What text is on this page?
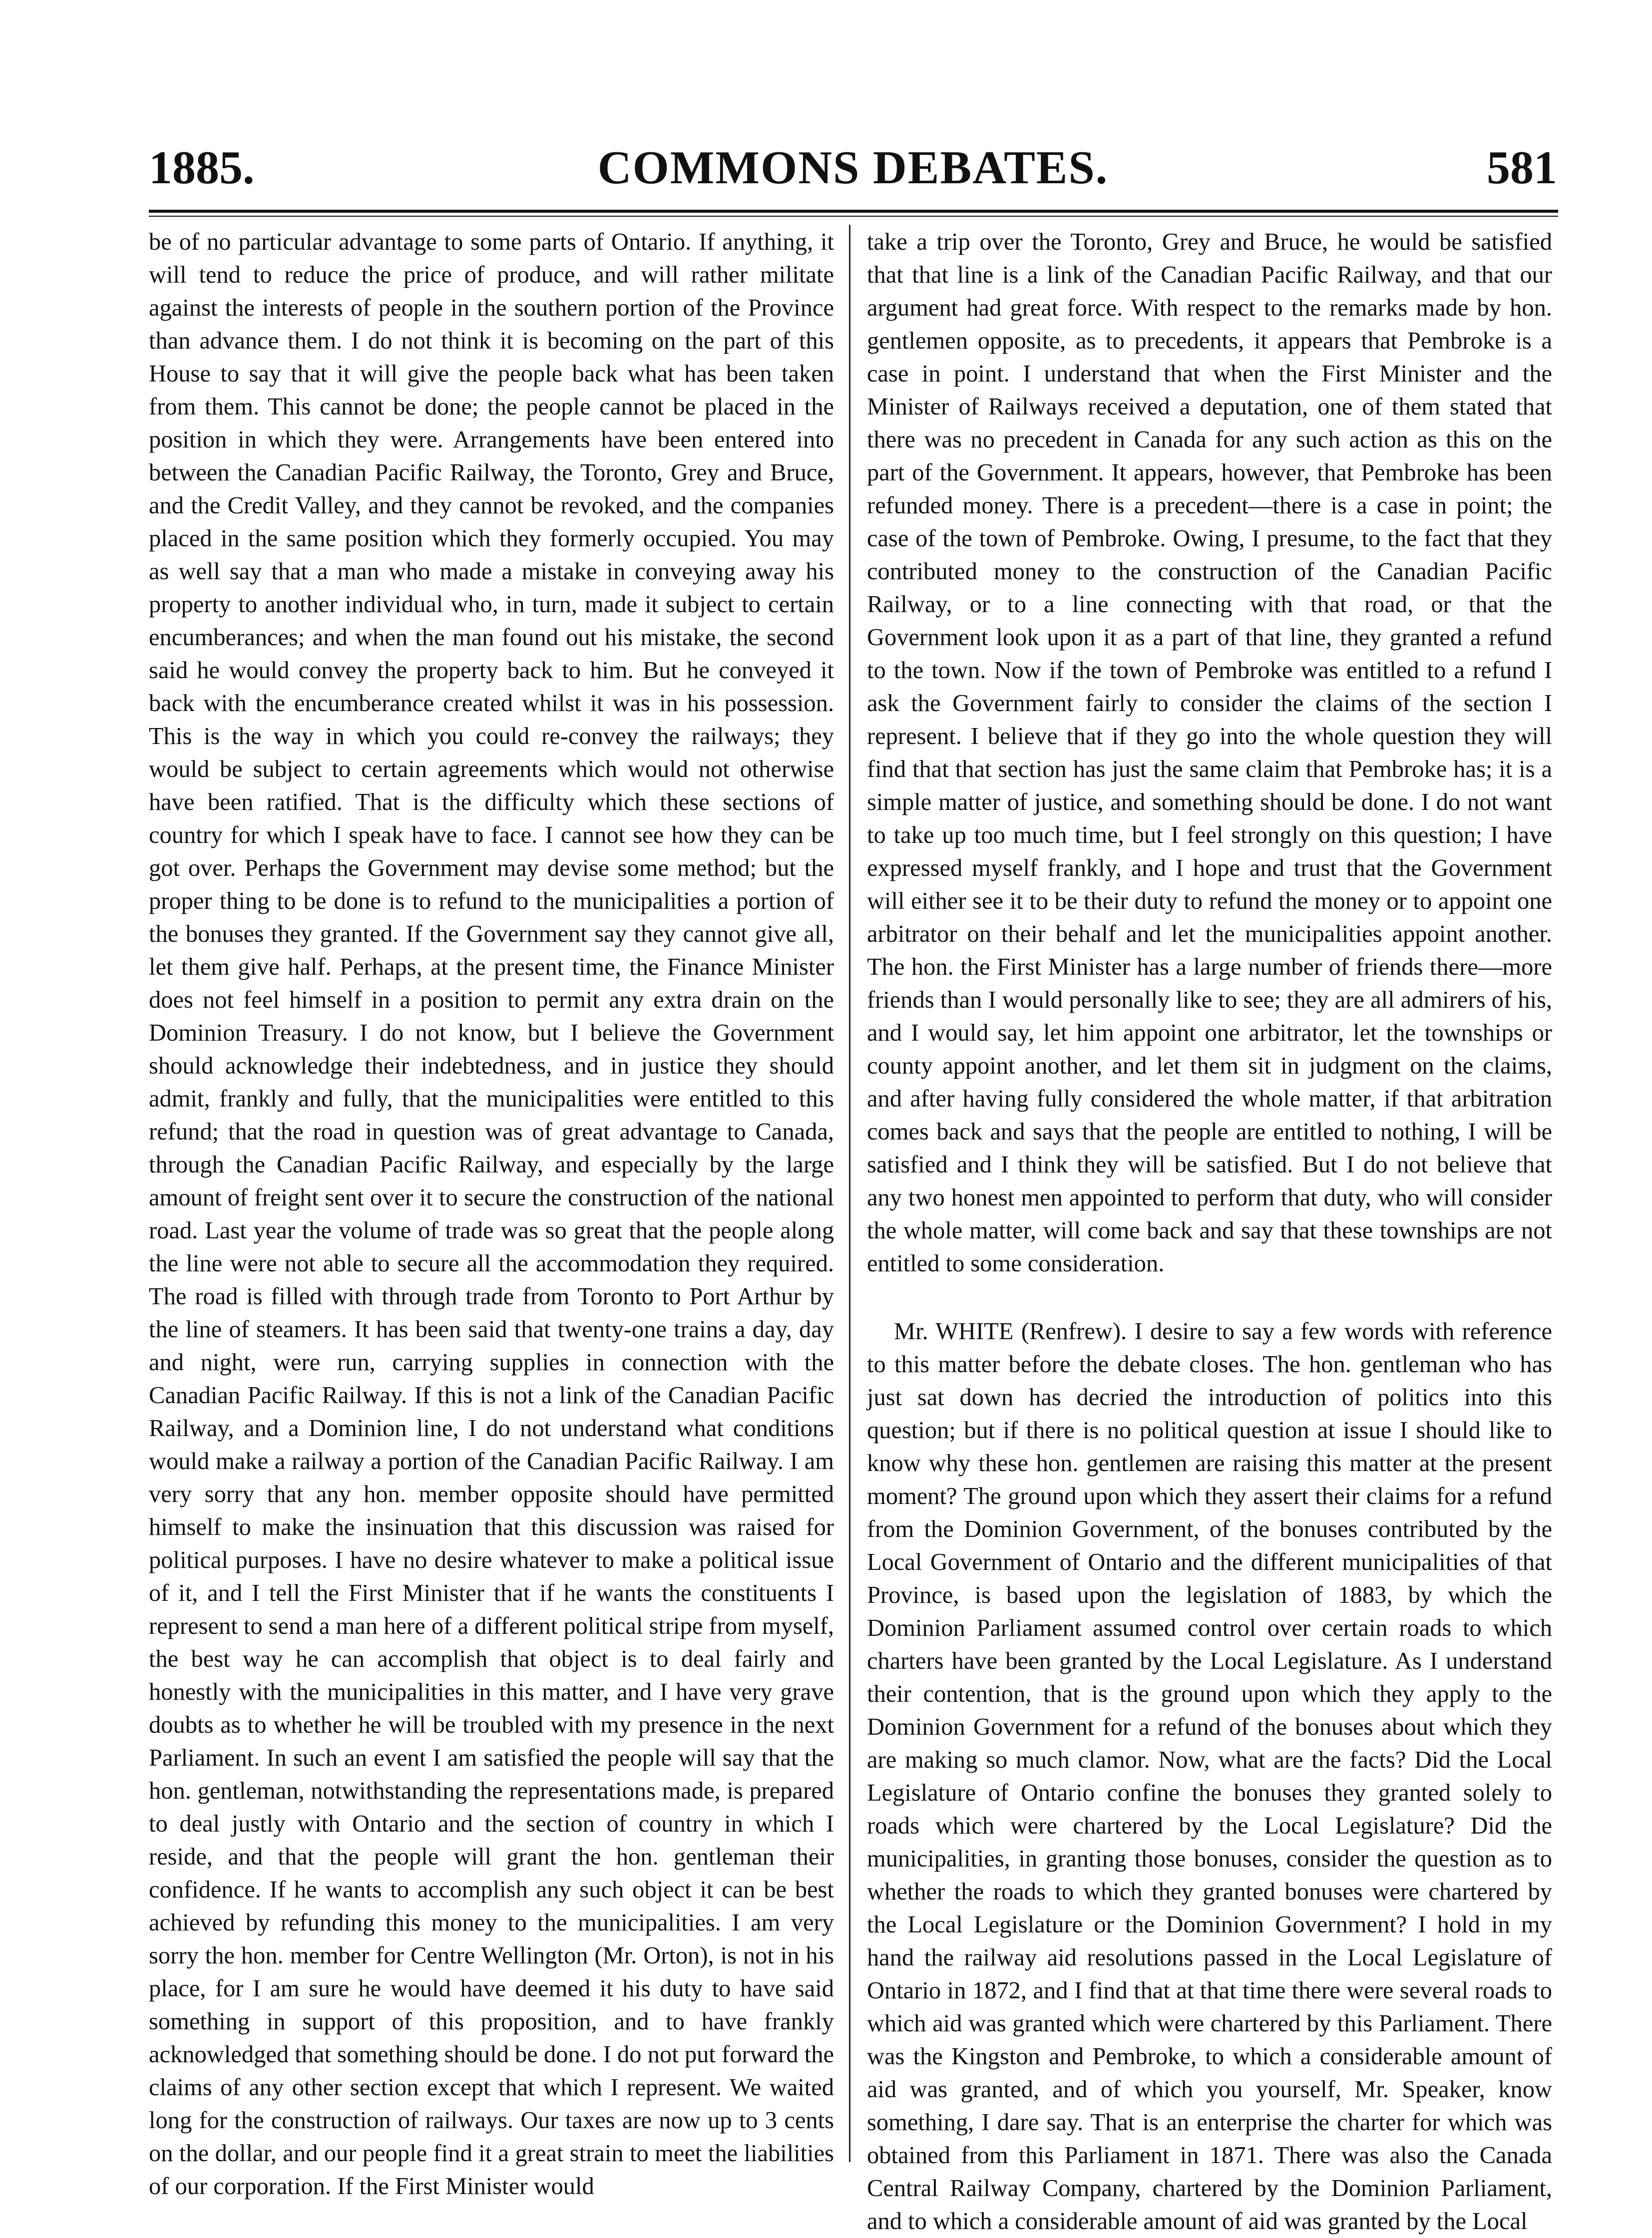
1885.	COMMONS DEBATES.	581

be of no particular advantage to some parts of Ontario. If anything, it will tend to reduce the price of produce, and will rather militate against the interests of people in the southern portion of the Province than advance them. I do not think it is becoming on the part of this House to say that it will give the people back what has been taken from them. This cannot be done; the people cannot be placed in the position in which they were. Arrangements have been entered into between the Canadian Pacific Railway, the Toronto, Grey and Bruce, and the Credit Valley, and they cannot be revoked, and the companies placed in the same position which they formerly occupied. You may as well say that a man who made a mistake in conveying away his property to another individual who, in turn, made it subject to certain encumberances; and when the man found out his mistake, the second said he would convey the property back to him. But he conveyed it back with the encumberance created whilst it was in his possession. This is the way in which you could re-convey the railways; they would be subject to certain agreements which would not otherwise have been ratified. That is the difficulty which these sections of country for which I speak have to face. I cannot see how they can be got over. Perhaps the Government may devise some method; but the proper thing to be done is to refund to the municipalities a portion of the bonuses they granted. If the Government say they cannot give all, let them give half. Perhaps, at the present time, the Finance Minister does not feel himself in a position to permit any extra drain on the Dominion Treasury. I do not know, but I believe the Government should acknowledge their indebtedness, and in justice they should admit, frankly and fully, that the municipalities were entitled to this refund; that the road in question was of great advantage to Canada, through the Canadian Pacific Railway, and especially by the large amount of freight sent over it to secure the construction of the national road. Last year the volume of trade was so great that the people along the line were not able to secure all the accommodation they required. The road is filled with through trade from Toronto to Port Arthur by the line of steamers. It has been said that twenty-one trains a day, day and night, were run, carrying supplies in connection with the Canadian Pacific Railway. If this is not a link of the Canadian Pacific Railway, and a Dominion line, I do not understand what conditions would make a railway a portion of the Canadian Pacific Railway. I am very sorry that any hon. member opposite should have permitted himself to make the insinuation that this discussion was raised for political purposes. I have no desire whatever to make a political issue of it, and I tell the First Minister that if he wants the constituents I represent to send a man here of a different political stripe from myself, the best way he can accomplish that object is to deal fairly and honestly with the municipalities in this matter, and I have very grave doubts as to whether he will be troubled with my presence in the next Parliament. In such an event I am satisfied the people will say that the hon. gentleman, notwithstanding the representations made, is prepared to deal justly with Ontario and the section of country in which I reside, and that the people will grant the hon. gentleman their confidence. If he wants to accomplish any such object it can be best achieved by refunding this money to the municipalities. I am very sorry the hon. member for Centre Wellington (Mr. Orton), is not in his place, for I am sure he would have deemed it his duty to have said something in support of this proposition, and to have frankly acknowledged that something should be done. I do not put forward the claims of any other section except that which I represent. We waited long for the construction of railways. Our taxes are now up to 3 cents on the dollar, and our people find it a great strain to meet the liabilities of our corporation. If the First Minister would

take a trip over the Toronto, Grey and Bruce, he would be satisfied that that line is a link of the Canadian Pacific Railway, and that our argument had great force. With respect to the remarks made by hon. gentlemen opposite, as to precedents, it appears that Pembroke is a case in point. I understand that when the First Minister and the Minister of Railways received a deputation, one of them stated that there was no precedent in Canada for any such action as this on the part of the Government. It appears, however, that Pembroke has been refunded money. There is a precedent—there is a case in point; the case of the town of Pembroke. Owing, I presume, to the fact that they contributed money to the construction of the Canadian Pacific Railway, or to a line connecting with that road, or that the Government look upon it as a part of that line, they granted a refund to the town. Now if the town of Pembroke was entitled to a refund I ask the Government fairly to consider the claims of the section I represent. I believe that if they go into the whole question they will find that that section has just the same claim that Pembroke has; it is a simple matter of justice, and something should be done. I do not want to take up too much time, but I feel strongly on this question; I have expressed myself frankly, and I hope and trust that the Government will either see it to be their duty to refund the money or to appoint one arbitrator on their behalf and let the municipalities appoint another. The hon. the First Minister has a large number of friends there—more friends than I would personally like to see; they are all admirers of his, and I would say, let him appoint one arbitrator, let the townships or county appoint another, and let them sit in judgment on the claims, and after having fully considered the whole matter, if that arbitration comes back and says that the people are entitled to nothing, I will be satisfied and I think they will be satisfied. But I do not believe that any two honest men appointed to perform that duty, who will consider the whole matter, will come back and say that these townships are not entitled to some consideration.

Mr. WHITE (Renfrew). I desire to say a few words with reference to this matter before the debate closes. The hon. gentleman who has just sat down has decried the introduction of politics into this question; but if there is no political question at issue I should like to know why these hon. gentlemen are raising this matter at the present moment? The ground upon which they assert their claims for a refund from the Dominion Government, of the bonuses contributed by the Local Government of Ontario and the different municipalities of that Province, is based upon the legislation of 1883, by which the Dominion Parliament assumed control over certain roads to which charters have been granted by the Local Legislature. As I understand their contention, that is the ground upon which they apply to the Dominion Government for a refund of the bonuses about which they are making so much clamor. Now, what are the facts? Did the Local Legislature of Ontario confine the bonuses they granted solely to roads which were chartered by the Local Legislature? Did the municipalities, in granting those bonuses, consider the question as to whether the roads to which they granted bonuses were chartered by the Local Legislature or the Dominion Government? I hold in my hand the railway aid resolutions passed in the Local Legislature of Ontario in 1872, and I find that at that time there were several roads to which aid was granted which were chartered by this Parliament. There was the Kingston and Pembroke, to which a considerable amount of aid was granted, and of which you yourself, Mr. Speaker, know something, I dare say. That is an enterprise the charter for which was obtained from this Parliament in 1871. There was also the Canada Central Railway Company, chartered by the Dominion Parliament, and to which a considerable amount of aid was granted by the Local
